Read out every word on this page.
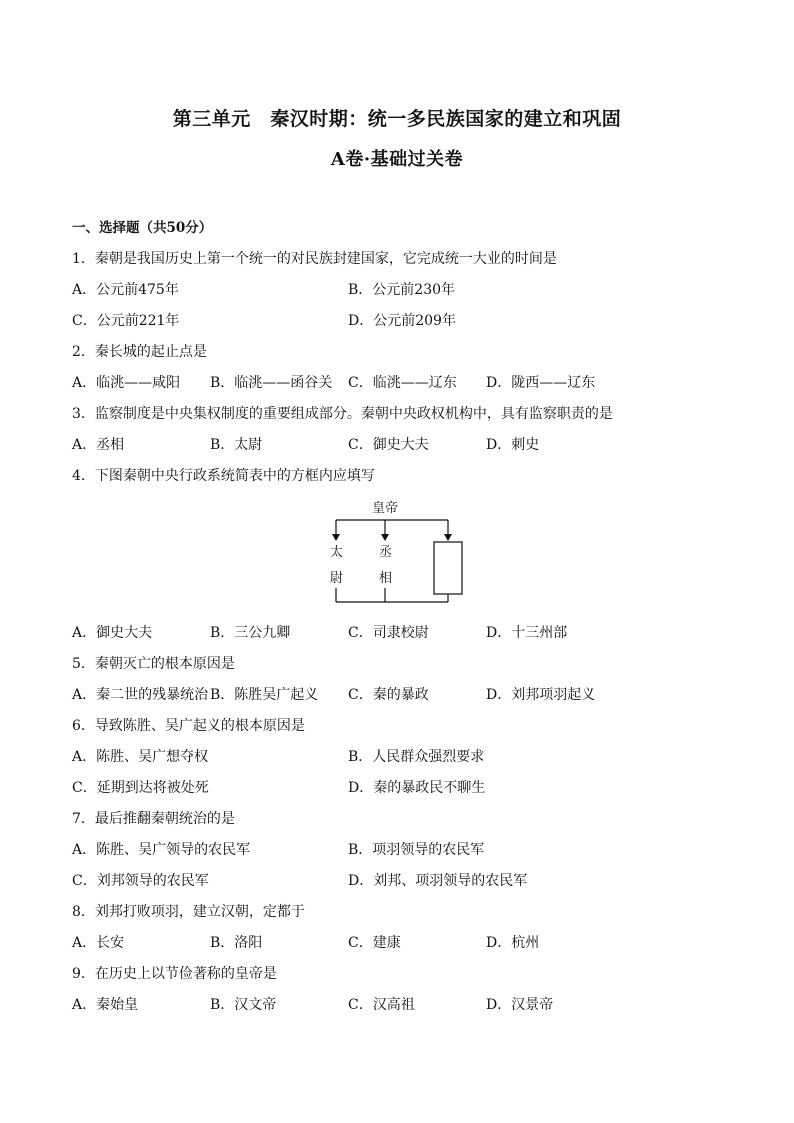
第三单元　秦汉时期：统一多民族国家的建立和巩固
A卷·基础过关卷
一、选择题（共50分）
1．秦朝是我国历史上第一个统一的对民族封建国家，它完成统一大业的时间是
A．公元前475年	B．公元前230年
C．公元前221年	D．公元前209年
2．秦长城的起止点是
A．临洮——咸阳 B．临洮——函谷关 C．临洮——辽东 D．陇西——辽东
3．监察制度是中央集权制度的重要组成部分。秦朝中央政权机构中，具有监察职责的是
A．丞相	B．太尉	C．御史大夫	D．刺史
4．下图秦朝中央行政系统简表中的方框内应填写
皇帝
太
尉
丞
相
A．御史大夫	B．三公九卿	C．司隶校尉	D．十三州部
5．秦朝灭亡的根本原因是
A．秦二世的残暴统治 B．陈胜吴广起义 C．秦的暴政	D．刘邦项羽起义
6．导致陈胜、吴广起义的根本原因是
A．陈胜、吴广想夺权	B．人民群众强烈要求
C．延期到达将被处死	D．秦的暴政民不聊生
7．最后推翻秦朝统治的是
A．陈胜、吴广领导的农民军	B．项羽领导的农民军
C．刘邦领导的农民军	D．刘邦、项羽领导的农民军
8．刘邦打败项羽，建立汉朝，定都于
A．长安	B．洛阳	C．建康	D．杭州
9．在历史上以节俭著称的皇帝是
A．秦始皇	B．汉文帝	C．汉高祖	D．汉景帝
